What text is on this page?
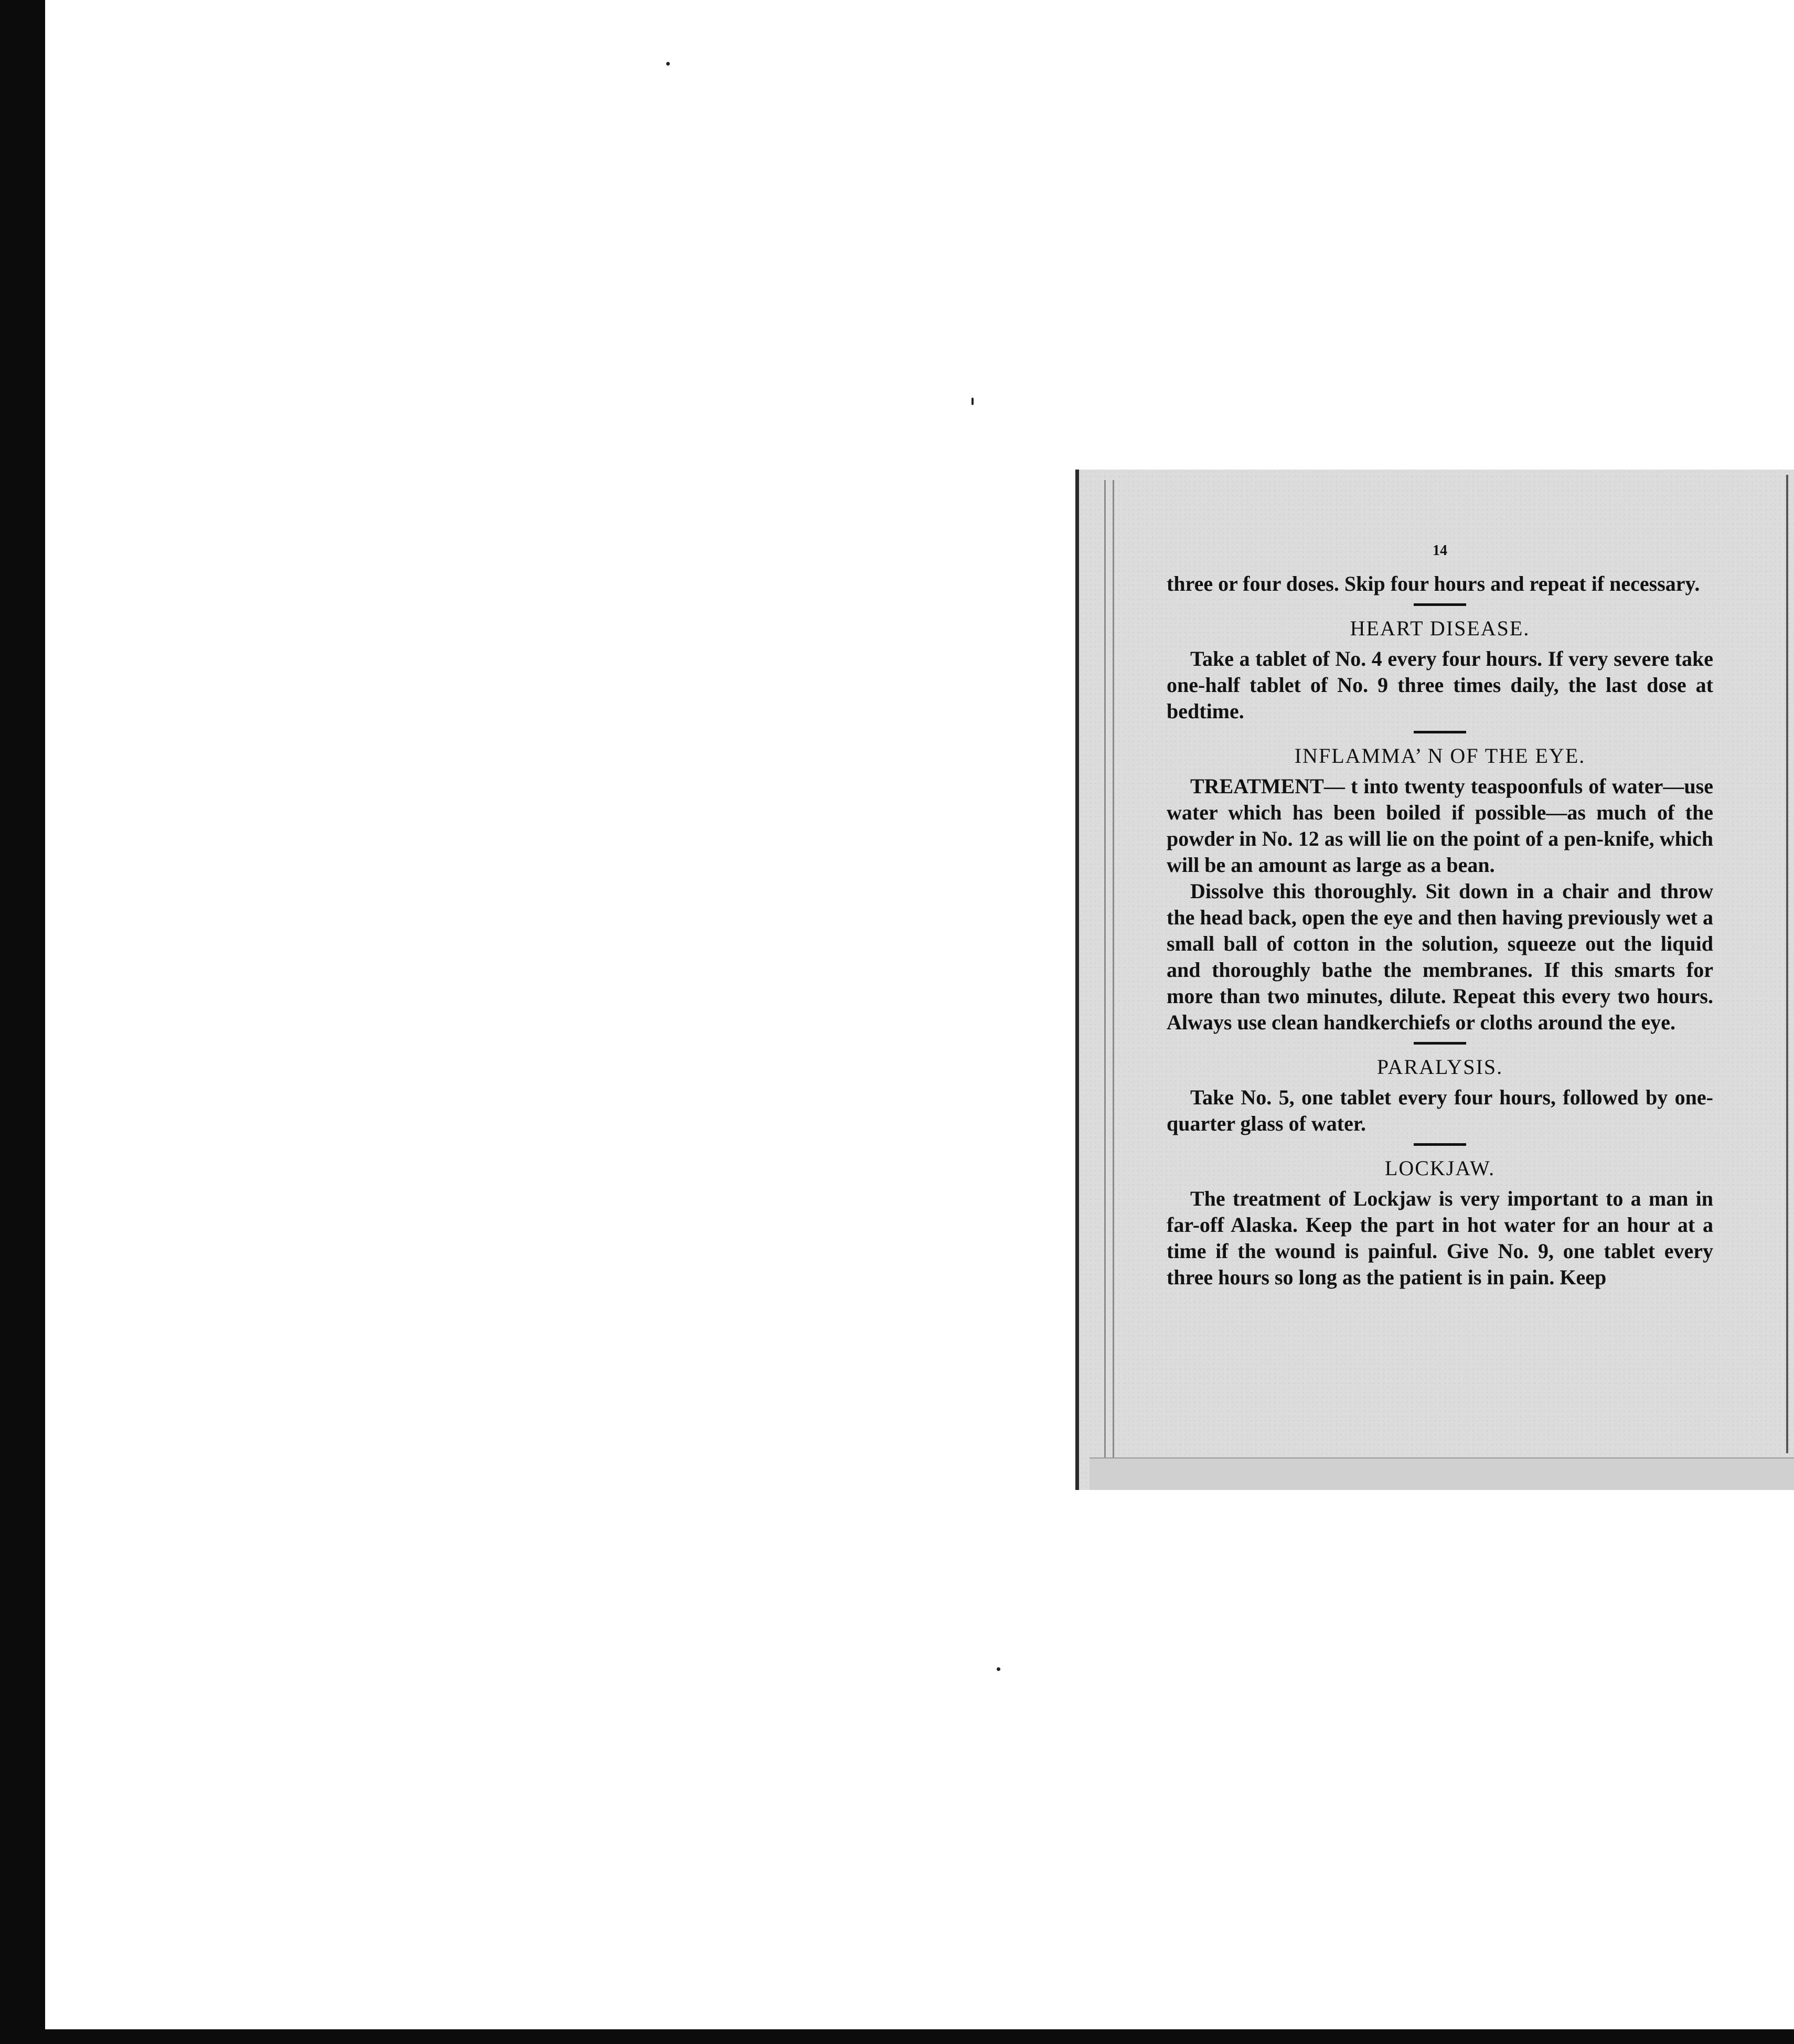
14

three or four doses. Skip four hours and repeat if necessary.

HEART DISEASE.

Take a tablet of No. 4 every four hours. If very severe take one-half tablet of No. 9 three times daily, the last dose at bedtime.

INFLAMMA’ N OF THE EYE.

TREATMENT— t into twenty teaspoonfuls of water—use water which has been boiled if possible—as much of the powder in No. 12 as will lie on the point of a pen-knife, which will be an amount as large as a bean.

Dissolve this thoroughly. Sit down in a chair and throw the head back, open the eye and then having previously wet a small ball of cotton in the solution, squeeze out the liquid and thoroughly bathe the membranes. If this smarts for more than two minutes, dilute. Repeat this every two hours. Always use clean handkerchiefs or cloths around the eye.

PARALYSIS.

Take No. 5, one tablet every four hours, followed by one-quarter glass of water.

LOCKJAW.

The treatment of Lockjaw is very important to a man in far-off Alaska. Keep the part in hot water for an hour at a time if the wound is painful. Give No. 9, one tablet every three hours so long as the patient is in pain. Keep
